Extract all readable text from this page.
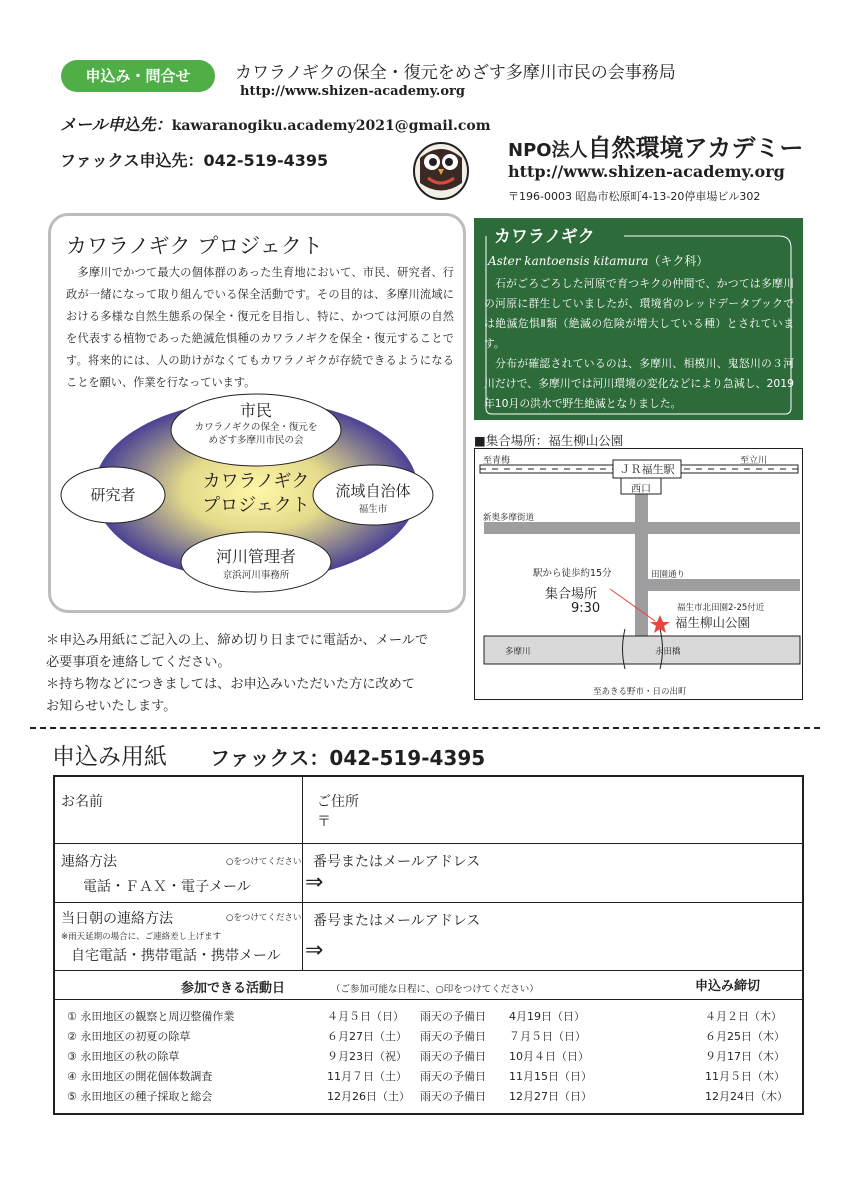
申込み・問合せ	カワラノギクの保全・復元をめざす多摩川市民の会事務局
http://www.shizen-academy.org
メール申込先：kawaranogiku.academy2021@gmail.com
ファックス申込先：042-519-4395	NPO法人自然環境アカデミー
http://www.shizen-academy.org
〒196-0003 昭島市松原町4-13-20停車場ビル302
カワラノギク プロジェクト
　多摩川でかつて最大の個体群のあった生育地において、市民、研究者、行政が一緒になって取り組んでいる保全活動です。その目的は、多摩川流域における多様な自然生態系の保全・復元を目指し、特に、かつては河原の自然を代表する植物であった絶滅危惧種のカワラノギクを保全・復元することです。将来的には、人の助けがなくてもカワラノギクが存続できるようになることを願い、作業を行なっています。
市民
カワラノギクの保全・復元を
めざす多摩川市民の会
研究者	流域自治体
福生市
河川管理者
京浜河川事務所
カワラノギク
プロジェクト
カワラノギク
Aster kantoensis kitamura（キク科）
　石がごろごろした河原で育つキクの仲間で、かつては多摩川の河原に群生していましたが、環境省のレッドデータブックでは絶滅危惧Ⅱ類（絶滅の危険が増大している種）とされています。
　分布が確認されているのは、多摩川、相模川、鬼怒川の３河川だけで、多摩川では河川環境の変化などにより急減し、2019年10月の洪水で野生絶滅となりました。
■集合場所：福生柳山公園
至青梅	至立川
ＪＲ福生駅
西口
新奥多摩街道
田園通り
駅から徒歩約15分
集合場所
9:30	福生市北田園2-25付近
福生柳山公園
多摩川	永田橋
至あきる野市・日の出町
＊申込み用紙にご記入の上、締め切り日までに電話か、メールで
必要事項を連絡してください。
＊持ち物などにつきましては、お申込みいただいた方に改めて
お知らせいたします。
申込み用紙 ファックス：042-519-4395
お名前	ご住所
〒
連絡方法	○をつけてください
電話・ＦＡＸ・電子メール ⇒
番号またはメールアドレス
当日朝の連絡方法	○をつけてください
※雨天延期の場合に、ご連絡差し上げます
自宅電話・携帯電話・携帯メール ⇒
番号またはメールアドレス
参加できる活動日	（ご参加可能な日程に、○印をつけてください）	申込み締切
① 永田地区の観察と周辺整備作業	４月５日（日） 雨天の予備日 4月19日（日）	４月２日（木）
② 永田地区の初夏の除草	６月27日（土） 雨天の予備日 ７月５日（日）	６月25日（木）
③ 永田地区の秋の除草	９月23日（祝） 雨天の予備日 10月４日（日）	９月17日（木）
④ 永田地区の開花個体数調査	11月７日（土） 雨天の予備日 11月15日（日）	11月５日（木）
⑤ 永田地区の種子採取と総会	12月26日（土） 雨天の予備日 12月27日（日）	12月24日（木）
